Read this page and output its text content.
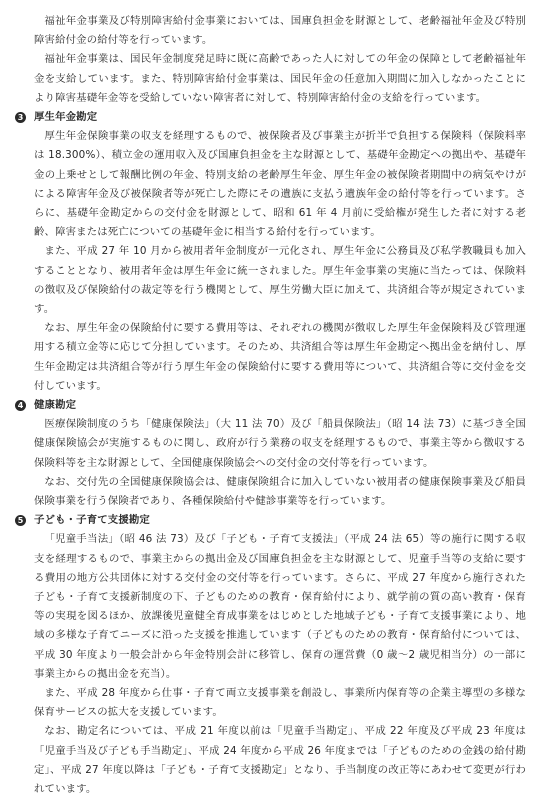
福祉年金事業及び特別障害給付金事業においては、国庫負担金を財源として、老齢福祉年金及び特別障害給付金の給付等を行っています。

福祉年金事業は、国民年金制度発足時に既に高齢であった人に対しての年金の保障として老齢福祉年金を支給しています。また、特別障害給付金事業は、国民年金の任意加入期間に加入しなかったことにより障害基礎年金等を受給していない障害者に対して、特別障害給付金の支給を行っています。

3 厚生年金勘定

厚生年金保険事業の収支を経理するもので、被保険者及び事業主が折半で負担する保険料（保険料率は 18.300%）、積立金の運用収入及び国庫負担金を主な財源として、基礎年金勘定への拠出や、基礎年金の上乗せとして報酬比例の年金、特別支給の老齢厚生年金、厚生年金の被保険者期間中の病気やけがによる障害年金及び被保険者等が死亡した際にその遺族に支払う遺族年金の給付等を行っています。さらに、基礎年金勘定からの交付金を財源として、昭和 61 年 4 月前に受給権が発生した者に対する老齢、障害または死亡についての基礎年金に相当する給付を行っています。

また、平成 27 年 10 月から被用者年金制度が一元化され、厚生年金に公務員及び私学教職員も加入することとなり、被用者年金は厚生年金に統一されました。厚生年金事業の実施に当たっては、保険料の徴収及び保険給付の裁定等を行う機関として、厚生労働大臣に加えて、共済組合等が規定されています。

なお、厚生年金の保険給付に要する費用等は、それぞれの機関が徴収した厚生年金保険料及び管理運用する積立金等に応じて分担しています。そのため、共済組合等は厚生年金勘定へ拠出金を納付し、厚生年金勘定は共済組合等が行う厚生年金の保険給付に要する費用等について、共済組合等に交付金を交付しています。

4 健康勘定

医療保険制度のうち「健康保険法」（大 11 法 70）及び「船員保険法」（昭 14 法 73）に基づき全国健康保険協会が実施するものに関し、政府が行う業務の収支を経理するもので、事業主等から徴収する保険料等を主な財源として、全国健康保険協会への交付金の交付等を行っています。

なお、交付先の全国健康保険協会は、健康保険組合に加入していない被用者の健康保険事業及び船員保険事業を行う保険者であり、各種保険給付や健診事業等を行っています。

5 子ども・子育て支援勘定

「児童手当法」（昭 46 法 73）及び「子ども・子育て支援法」（平成 24 法 65）等の施行に関する収支を経理するもので、事業主からの拠出金及び国庫負担金を主な財源として、児童手当等の支給に要する費用の地方公共団体に対する交付金の交付等を行っています。さらに、平成 27 年度から施行された子ども・子育て支援新制度の下、子どものための教育・保育給付により、就学前の質の高い教育・保育等の実現を図るほか、放課後児童健全育成事業をはじめとした地域子ども・子育て支援事業により、地域の多様な子育てニーズに沿った支援を推進しています（子どものための教育・保育給付については、平成 30 年度より一般会計から年金特別会計に移管し、保育の運営費（0 歳～2 歳児相当分）の一部に事業主からの拠出金を充当）。

また、平成 28 年度から仕事・子育て両立支援事業を創設し、事業所内保育等の企業主導型の多様な保育サービスの拡大を支援しています。

なお、勘定名については、平成 21 年度以前は「児童手当勘定」、平成 22 年度及び平成 23 年度は「児童手当及び子ども手当勘定」、平成 24 年度から平成 26 年度までは「子どものための金銭の給付勘定」、平成 27 年度以降は「子ども・子育て支援勘定」となり、手当制度の改正等にあわせて変更が行われています。
